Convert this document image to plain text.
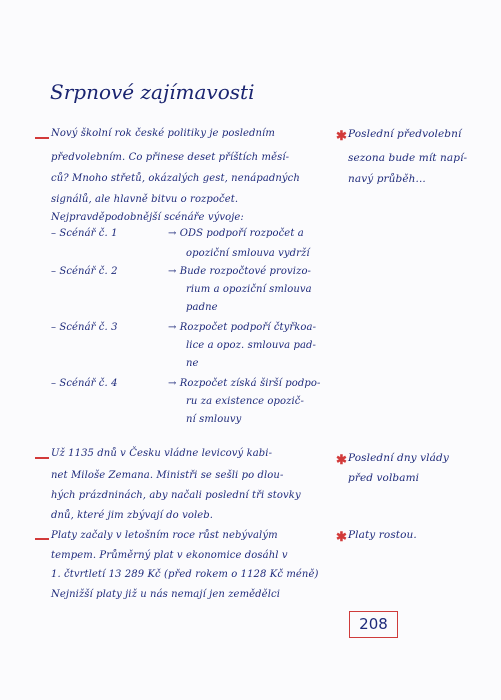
Srpnové zajímavosti
Nový školní rok české politiky je posledním
předvolebním. Co přinese deset příštích měsí-
ců? Mnoho střetů, okázalých gest, nenápadných
signálů, ale hlavně bitvu o rozpočet.
Nejpravděpodobnější scénáře vývoje:
✱ Poslední předvolební
sezona bude mít napí-
navý průběh...
– Scénář č. 1	→ ODS podpoří rozpočet a
opoziční smlouva vydrží
– Scénář č. 2	→ Bude rozpočtové provizo-
rium a opoziční smlouva
padne
– Scénář č. 3	→ Rozpočet podpoří čtyřkoa-
lice a opoz. smlouva pad-
ne
– Scénář č. 4	→ Rozpočet získá širší podpo-
ru za existence opozič-
ní smlouvy
Už 1135 dnů v Česku vládne levicový kabi-
net Miloše Zemana. Ministři se sešli po dlou-
hých prázdninách, aby načali poslední tři stovky
dnů, které jim zbývají do voleb.
✱ Poslední dny vlády
před volbami
Platy začaly v letošním roce růst nebývalým
tempem. Průměrný plat v ekonomice dosáhl v
1. čtvrtletí 13 289 Kč (před rokem o 1128 Kč méně)
Nejnižší platy již u nás nemají jen zemědělci
✱ Platy rostou.
208
